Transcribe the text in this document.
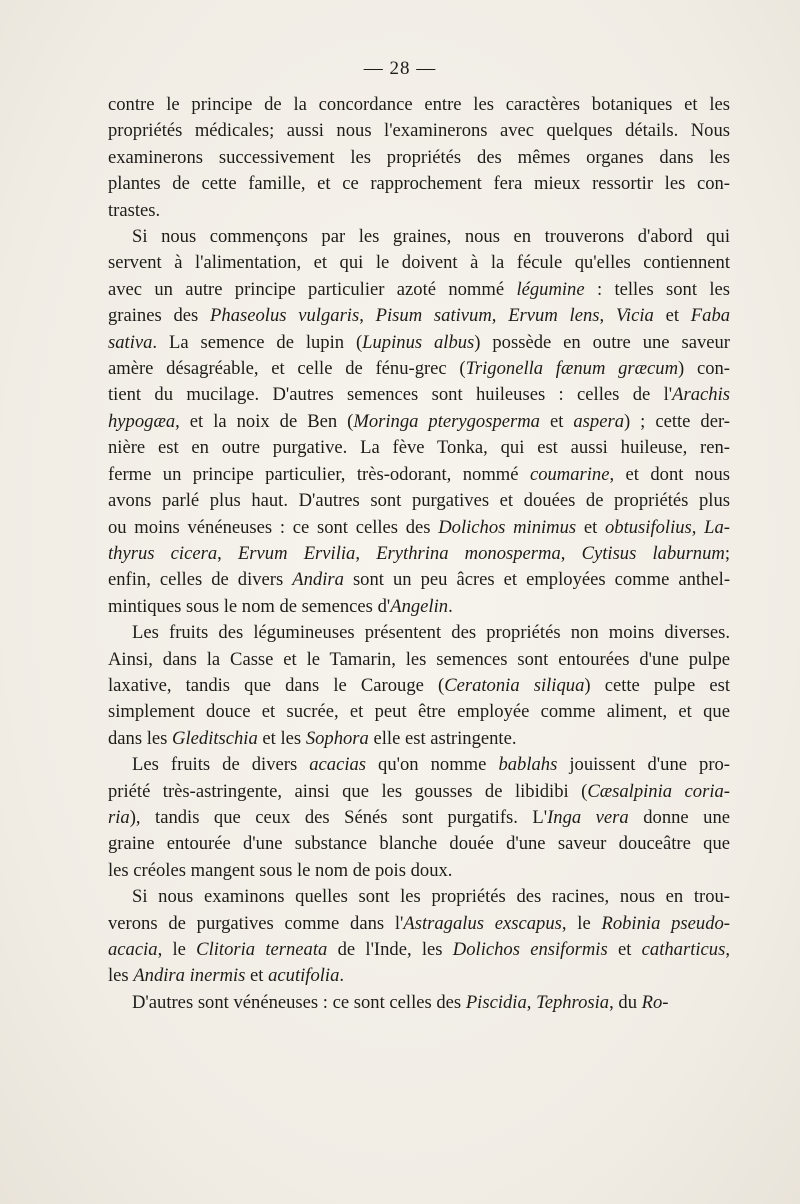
— 28 —
contre le principe de la concordance entre les caractères botaniques et les
propriétés médicales; aussi nous l'examinerons avec quelques détails. Nous
examinerons successivement les propriétés des mêmes organes dans les
plantes de cette famille, et ce rapprochement fera mieux ressortir les con-
trastes.
Si nous commençons par les graines, nous en trouverons d'abord qui
servent à l'alimentation, et qui le doivent à la fécule qu'elles contiennent
avec un autre principe particulier azoté nommé légumine : telles sont les
graines des Phaseolus vulgaris, Pisum sativum, Ervum lens, Vicia et Faba
sativa. La semence de lupin (Lupinus albus) possède en outre une saveur
amère désagréable, et celle de fénu-grec (Trigonella fænum græcum) con-
tient du mucilage. D'autres semences sont huileuses : celles de l'Arachis
hypogæa, et la noix de Ben (Moringa pterygosperma et aspera) ; cette der-
nière est en outre purgative. La fève Tonka, qui est aussi huileuse, ren-
ferme un principe particulier, très-odorant, nommé coumarine, et dont nous
avons parlé plus haut. D'autres sont purgatives et douées de propriétés plus
ou moins vénéneuses : ce sont celles des Dolichos minimus et obtusifolius, La-
thyrus cicera, Ervum Ervilia, Erythrina monosperma, Cytisus laburnum;
enfin, celles de divers Andira sont un peu âcres et employées comme anthel-
mintiques sous le nom de semences d'Angelin.
Les fruits des légumineuses présentent des propriétés non moins diverses.
Ainsi, dans la Casse et le Tamarin, les semences sont entourées d'une pulpe
laxative, tandis que dans le Carouge (Ceratonia siliqua) cette pulpe est
simplement douce et sucrée, et peut être employée comme aliment, et que
dans les Gleditschia et les Sophora elle est astringente.
Les fruits de divers acacias qu'on nomme bablahs jouissent d'une pro-
priété très-astringente, ainsi que les gousses de libidibi (Cæsalpinia coria-
ria), tandis que ceux des Sénés sont purgatifs. L'Inga vera donne une
graine entourée d'une substance blanche douée d'une saveur douceâtre que
les créoles mangent sous le nom de pois doux.
Si nous examinons quelles sont les propriétés des racines, nous en trou-
verons de purgatives comme dans l'Astragalus exscapus, le Robinia pseudo-
acacia, le Clitoria terneata de l'Inde, les Dolichos ensiformis et catharticus,
les Andira inermis et acutifolia.
D'autres sont vénéneuses : ce sont celles des Piscidia, Tephrosia, du Ro-
